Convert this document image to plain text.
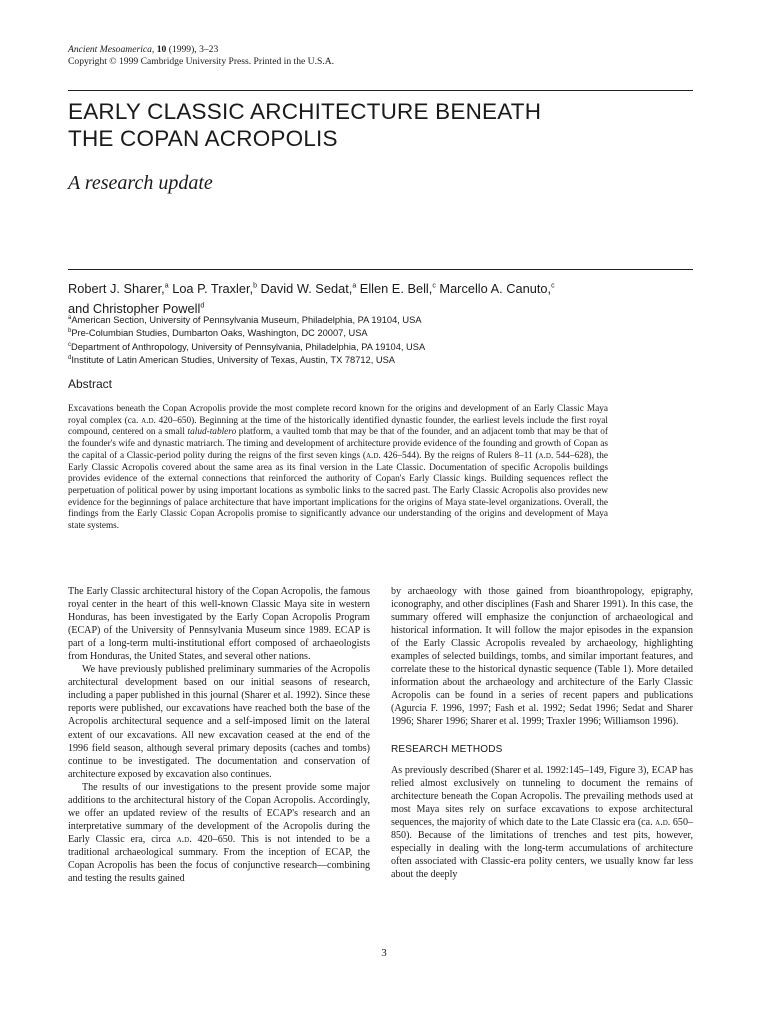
Ancient Mesoamerica, 10 (1999), 3–23
Copyright © 1999 Cambridge University Press. Printed in the U.S.A.
EARLY CLASSIC ARCHITECTURE BENEATH
THE COPAN ACROPOLIS
A research update
Robert J. Sharer,$^a$ Loa P. Traxler,$^b$ David W. Sedat,$^a$ Ellen E. Bell,$^c$ Marcello A. Canuto,$^c$
and Christopher Powell$^d$
$^a$American Section, University of Pennsylvania Museum, Philadelphia, PA 19104, USA
$^b$Pre-Columbian Studies, Dumbarton Oaks, Washington, DC 20007, USA
$^c$Department of Anthropology, University of Pennsylvania, Philadelphia, PA 19104, USA
$^d$Institute of Latin American Studies, University of Texas, Austin, TX 78712, USA
Abstract
Excavations beneath the Copan Acropolis provide the most complete record known for the origins and development of an Early Classic Maya royal complex (ca. a.d. 420–650). Beginning at the time of the historically identified dynastic founder, the earliest levels include the first royal compound, centered on a small talud-tablero platform, a vaulted tomb that may be that of the founder, and an adjacent tomb that may be that of the founder's wife and dynastic matriarch. The timing and development of architecture provide evidence of the founding and growth of Copan as the capital of a Classic-period polity during the reigns of the first seven kings (a.d. 426–544). By the reigns of Rulers 8–11 (a.d. 544–628), the Early Classic Acropolis covered about the same area as its final version in the Late Classic. Documentation of specific Acropolis buildings provides evidence of the external connections that reinforced the authority of Copan's Early Classic kings. Building sequences reflect the perpetuation of political power by using important locations as symbolic links to the sacred past. The Early Classic Acropolis also provides new evidence for the beginnings of palace architecture that have important implications for the origins of Maya state-level organizations. Overall, the findings from the Early Classic Copan Acropolis promise to significantly advance our understanding of the origins and development of Maya state systems.

The Early Classic architectural history of the Copan Acropolis, the famous royal center in the heart of this well-known Classic Maya site in western Honduras, has been investigated by the Early Copan Acropolis Program (ECAP) of the University of Pennsylvania Museum since 1989. ECAP is part of a long-term multi-institutional effort composed of archaeologists from Honduras, the United States, and several other nations.

We have previously published preliminary summaries of the Acropolis architectural development based on our initial seasons of research, including a paper published in this journal (Sharer et al. 1992). Since these reports were published, our excavations have reached both the base of the Acropolis architectural sequence and a self-imposed limit on the lateral extent of our excavations. All new excavation ceased at the end of the 1996 field season, although several primary deposits (caches and tombs) continue to be investigated. The documentation and conservation of architecture exposed by excavation also continues.

The results of our investigations to the present provide some major additions to the architectural history of the Copan Acropolis. Accordingly, we offer an updated review of the results of ECAP's research and an interpretative summary of the development of the Acropolis during the Early Classic era, circa a.d. 420–650. This is not intended to be a traditional archaeological summary. From the inception of ECAP, the Copan Acropolis has been the focus of conjunctive research—combining and testing the results gained

by archaeology with those gained from bioanthropology, epigraphy, iconography, and other disciplines (Fash and Sharer 1991). In this case, the summary offered will emphasize the conjunction of archaeological and historical information. It will follow the major episodes in the expansion of the Early Classic Acropolis revealed by archaeology, highlighting examples of selected buildings, tombs, and similar important features, and correlate these to the historical dynastic sequence (Table 1). More detailed information about the archaeology and architecture of the Early Classic Acropolis can be found in a series of recent papers and publications (Agurcia F. 1996, 1997; Fash et al. 1992; Sedat 1996; Sedat and Sharer 1996; Sharer 1996; Sharer et al. 1999; Traxler 1996; Williamson 1996).

RESEARCH METHODS

As previously described (Sharer et al. 1992:145–149, Figure 3), ECAP has relied almost exclusively on tunneling to document the remains of architecture beneath the Copan Acropolis. The prevailing methods used at most Maya sites rely on surface excavations to expose architectural sequences, the majority of which date to the Late Classic era (ca. a.d. 650–850). Because of the limitations of trenches and test pits, however, especially in dealing with the long-term accumulations of architecture often associated with Classic-era polity centers, we usually know far less about the deeply

3
